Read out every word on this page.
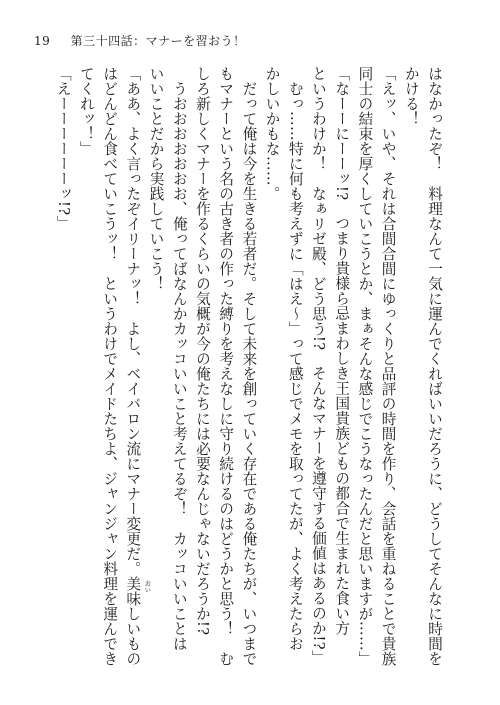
19 第三十四話：マナーを習おう！
はなかったぞ！　料理なんて一気に運んでくればいいだろうに、どうしてそんなに時間を
かける！
「えッ、いや、それは合間合間にゆっくりと品評の時間を作り、会話を重ねることで貴族
同士の結束を厚くしていこうとか、まぁそんな感じでこうなったんだと思いますが……」
「なーーにーーッ!?　つまり貴様ら忌まわしき王国貴族どもの都合で生まれた食い方
というわけか！　なぁリゼ殿、どう思う!?　そんなマナーを遵守する価値はあるのか!?」
　むっ……特に何も考えずに「はえ～」って感じでメモを取ってたが、よく考えたらお
かしいかもな……。
　だって俺は今を生きる若者だ。そして未来を創っていく存在である俺たちが、いつまで
もマナーという名の古き者の作った縛りを考えなしに守り続けるのはどうかと思う！　む
しろ新しくマナーを作るくらいの気概が今の俺たちには必要なんじゃないだろうか!?
　うおおおおおおお、俺ってばなんかカッコいいこと考えてるぞ！　カッコいいことは
いいことだから実践していこう！
「ああ、よく言ったぞイリーナッ！　よし、ベイバロン流にマナー変更だ。美味 おい
しいもの
はどんどん食べていこうッ！　というわけでメイドたちよ、ジャンジャン料理を運んでき
てくれッ！」
「えーーーーーーッ!?」
